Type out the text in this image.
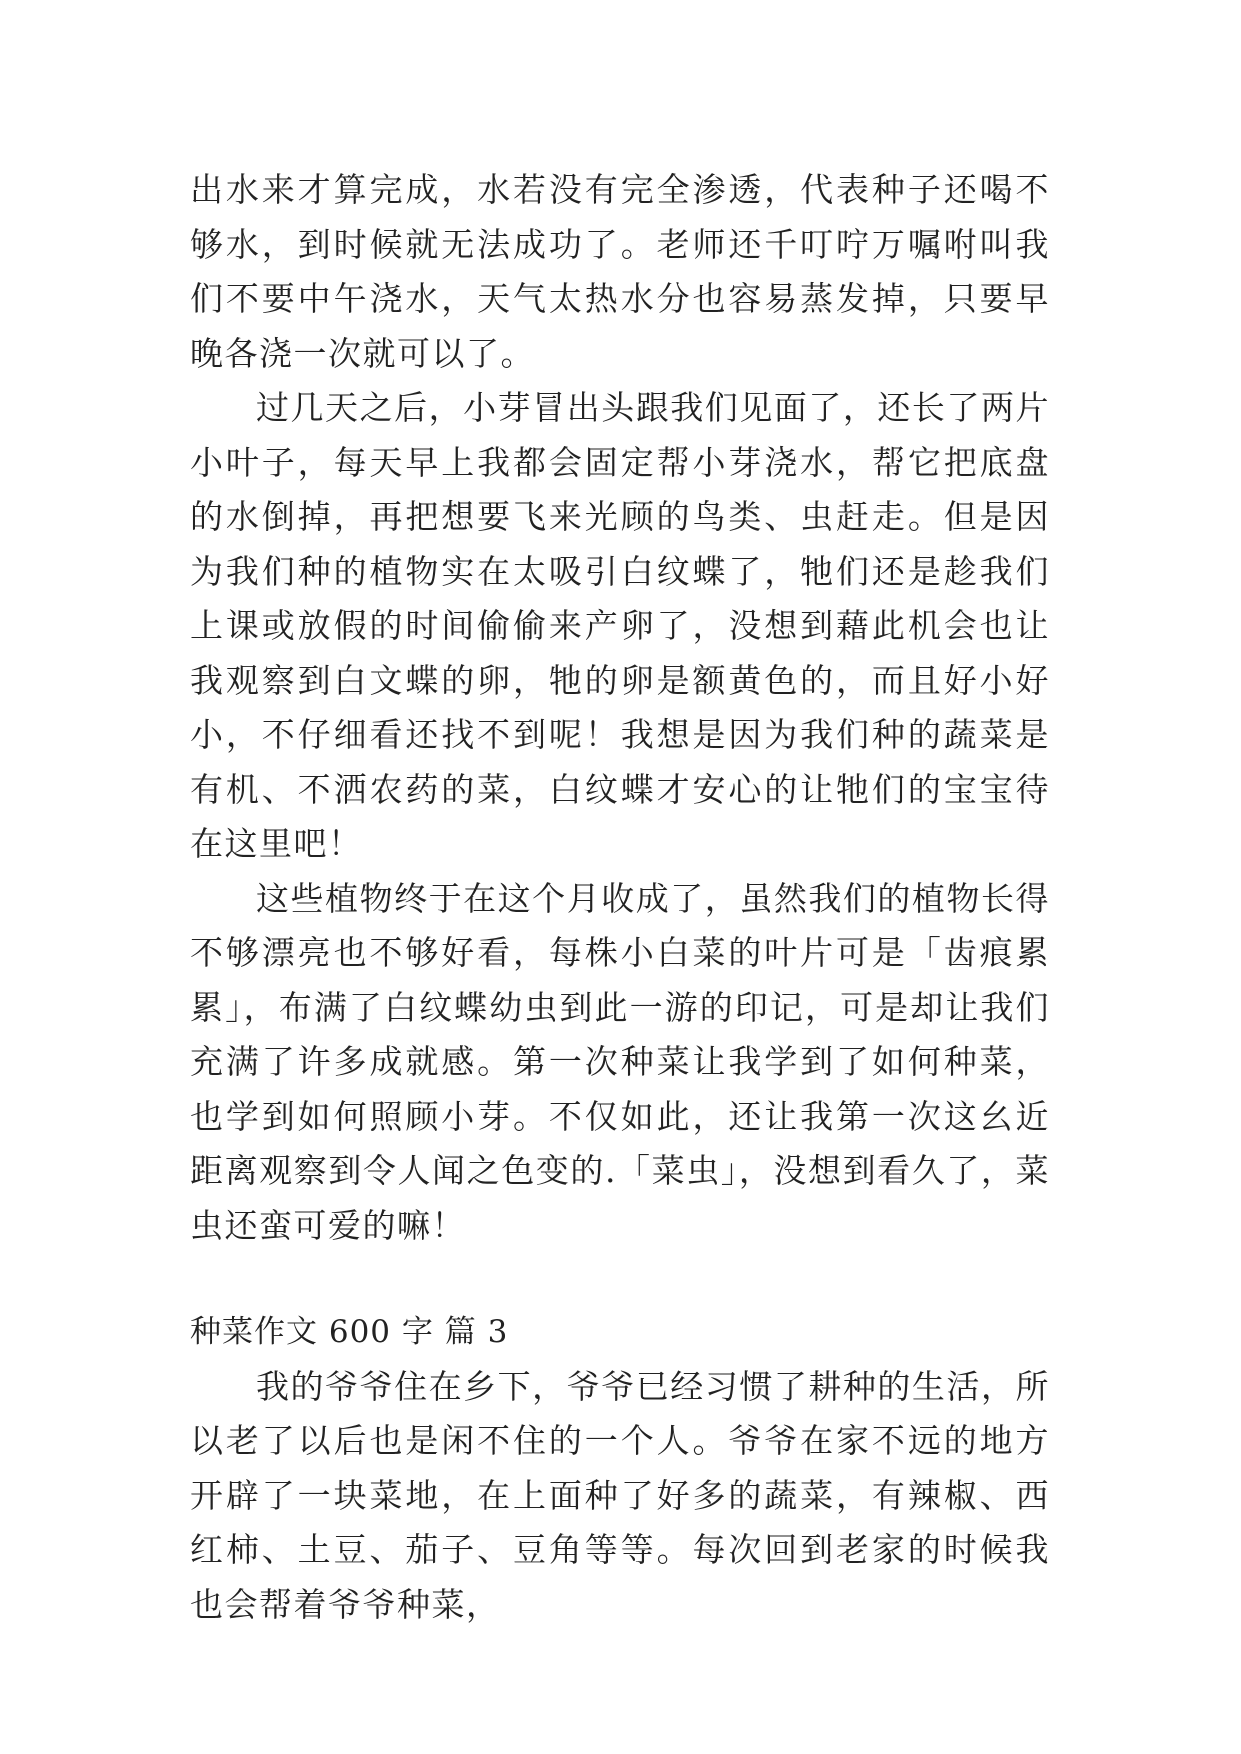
出水来才算完成，水若没有完全渗透，代表种子还喝不够水，到时候就无法成功了。老师还千叮咛万嘱咐叫我们不要中午浇水，天气太热水分也容易蒸发掉，只要早晚各浇一次就可以了。

过几天之后，小芽冒出头跟我们见面了，还长了两片小叶子，每天早上我都会固定帮小芽浇水，帮它把底盘的水倒掉，再把想要飞来光顾的鸟类、虫赶走。但是因为我们种的植物实在太吸引白纹蝶了，牠们还是趁我们上课或放假的时间偷偷来产卵了，没想到藉此机会也让我观察到白文蝶的卵，牠的卵是额黄色的，而且好小好小，不仔细看还找不到呢！我想是因为我们种的蔬菜是有机、不洒农药的菜，白纹蝶才安心的让牠们的宝宝待在这里吧！

这些植物终于在这个月收成了，虽然我们的植物长得不够漂亮也不够好看，每株小白菜的叶片可是「齿痕累累」，布满了白纹蝶幼虫到此一游的印记，可是却让我们充满了许多成就感。第一次种菜让我学到了如何种菜，也学到如何照顾小芽。不仅如此，还让我第一次这幺近距离观察到令人闻之色变的.「菜虫」，没想到看久了，菜虫还蛮可爱的嘛！

种菜作文 600 字 篇 3

我的爷爷住在乡下，爷爷已经习惯了耕种的生活，所以老了以后也是闲不住的一个人。爷爷在家不远的地方开辟了一块菜地，在上面种了好多的蔬菜，有辣椒、西红柿、土豆、茄子、豆角等等。每次回到老家的时候我也会帮着爷爷种菜，
